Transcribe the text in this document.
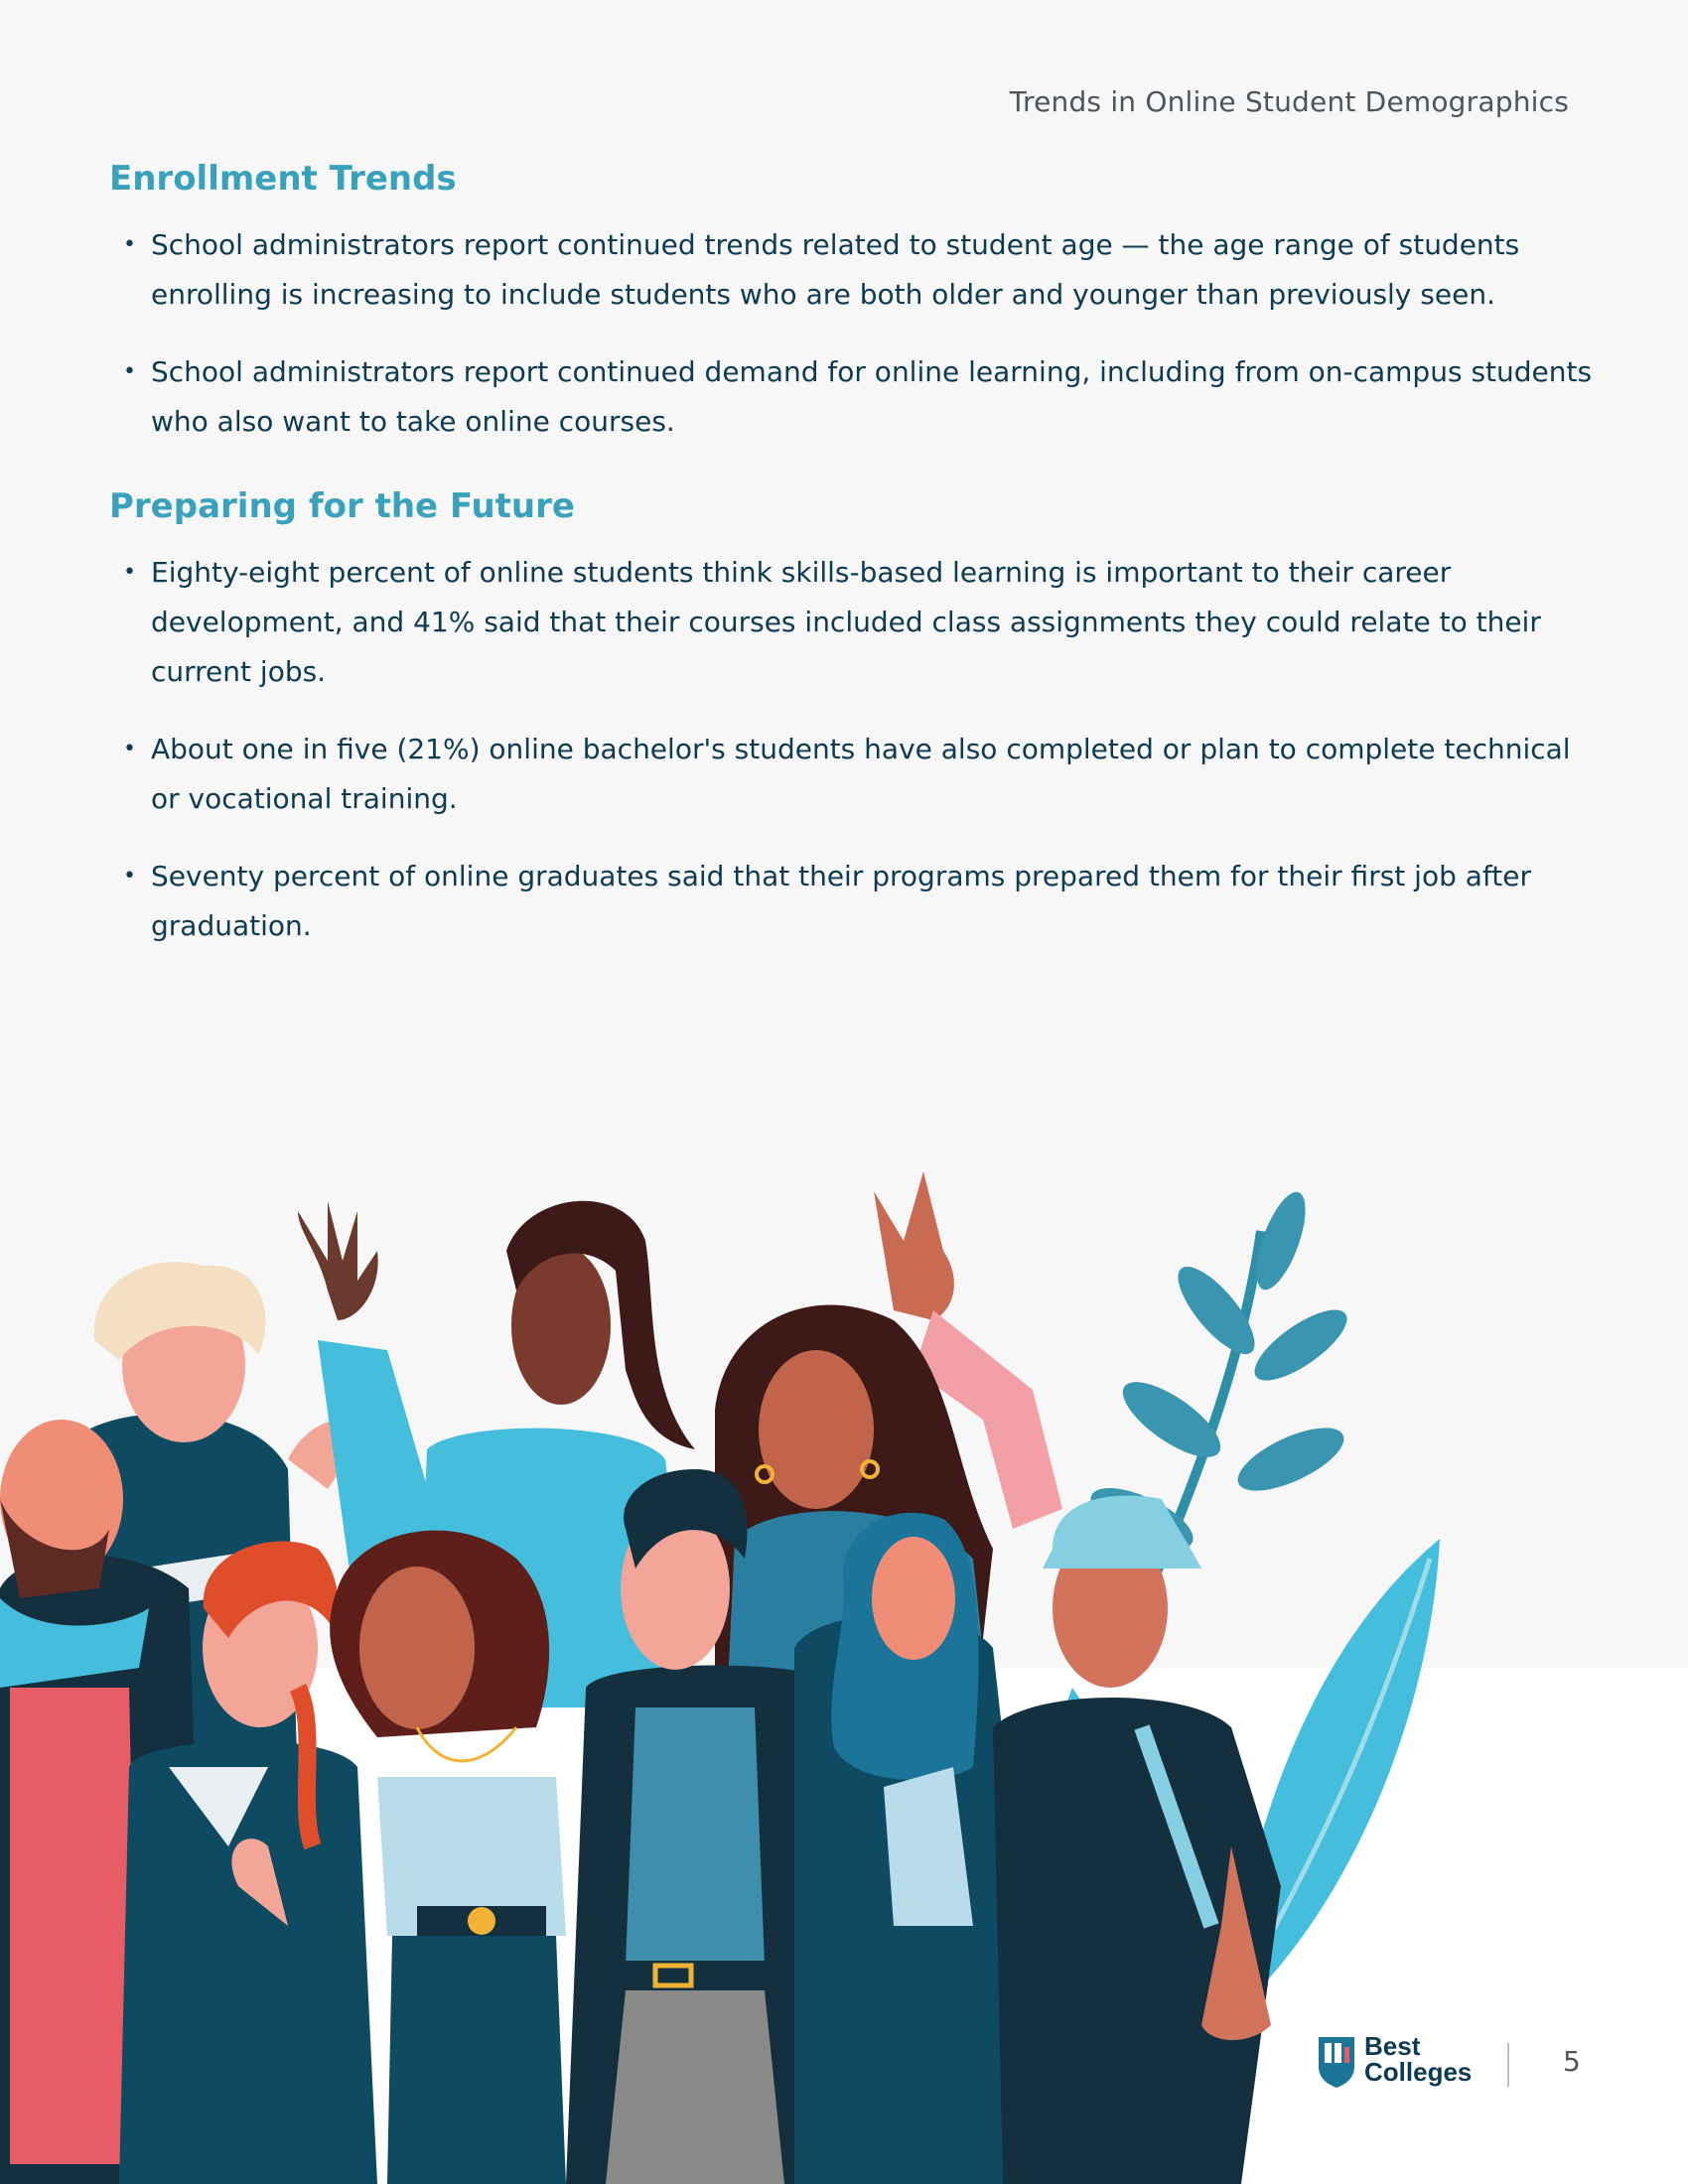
Trends in Online Student Demographics
Enrollment Trends
• School administrators report continued trends related to student age — the age range of students enrolling is increasing to include students who are both older and younger than previously seen.
• School administrators report continued demand for online learning, including from on-campus students who also want to take online courses.
Preparing for the Future
• Eighty-eight percent of online students think skills-based learning is important to their career development, and 41% said that their courses included class assignments they could relate to their current jobs.
• About one in five (21%) online bachelor's students have also completed or plan to complete technical or vocational training.
• Seventy percent of online graduates said that their programs prepared them for their first job after graduation.
Best
Colleges	5
